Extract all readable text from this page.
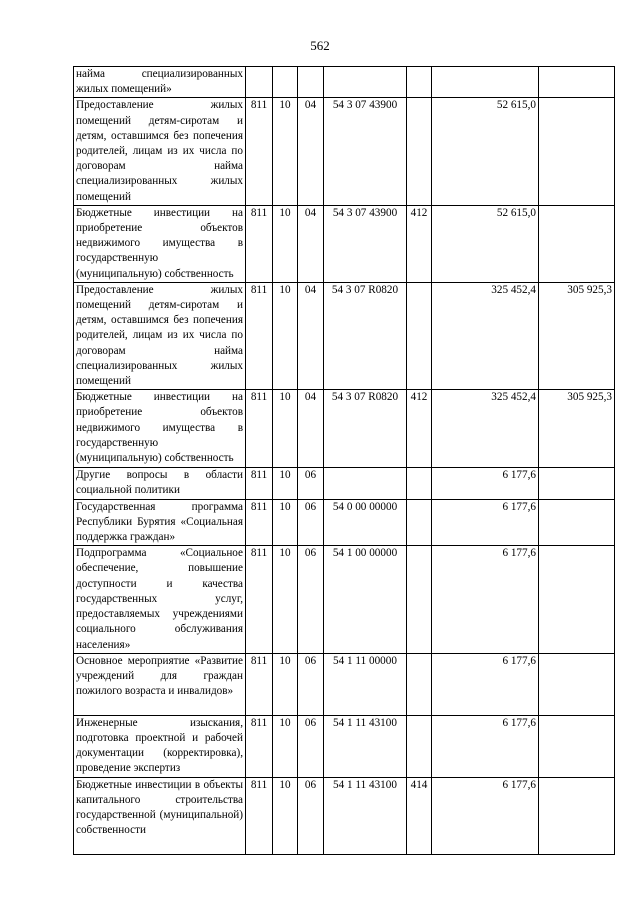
562
найма специализированных жилых помещений»							
Предоставление жилых помещений детям-сиротам и детям, оставшимся без попечения родителей, лицам из их числа по договорам найма специализированных жилых помещений	811	10	04	54 3 07 43900		52 615,0	
Бюджетные инвестиции на приобретение объектов недвижимого имущества в государственную (муниципальную) собственность	811	10	04	54 3 07 43900	412	52 615,0	
Предоставление жилых помещений детям-сиротам и детям, оставшимся без попечения родителей, лицам из их числа по договорам найма специализированных жилых помещений	811	10	04	54 3 07 R0820		325 452,4	305 925,3
Бюджетные инвестиции на приобретение объектов недвижимого имущества в государственную (муниципальную) собственность	811	10	04	54 3 07 R0820	412	325 452,4	305 925,3
Другие вопросы в области социальной политики	811	10	06			6 177,6	
Государственная программа Республики Бурятия «Социальная поддержка граждан»	811	10	06	54 0 00 00000		6 177,6	
Подпрограмма «Социальное обеспечение, повышение доступности и качества государственных услуг, предоставляемых учреждениями социального обслуживания населения»	811	10	06	54 1 00 00000		6 177,6	
Основное мероприятие «Развитие учреждений для граждан пожилого возраста и инвалидов»	811	10	06	54 1 11 00000		6 177,6	
Инженерные изыскания, подготовка проектной и рабочей документации (корректировка), проведение экспертиз	811	10	06	54 1 11 43100		6 177,6	
Бюджетные инвестиции в объекты капитального строительства государственной (муниципальной) собственности	811	10	06	54 1 11 43100	414	6 177,6	
